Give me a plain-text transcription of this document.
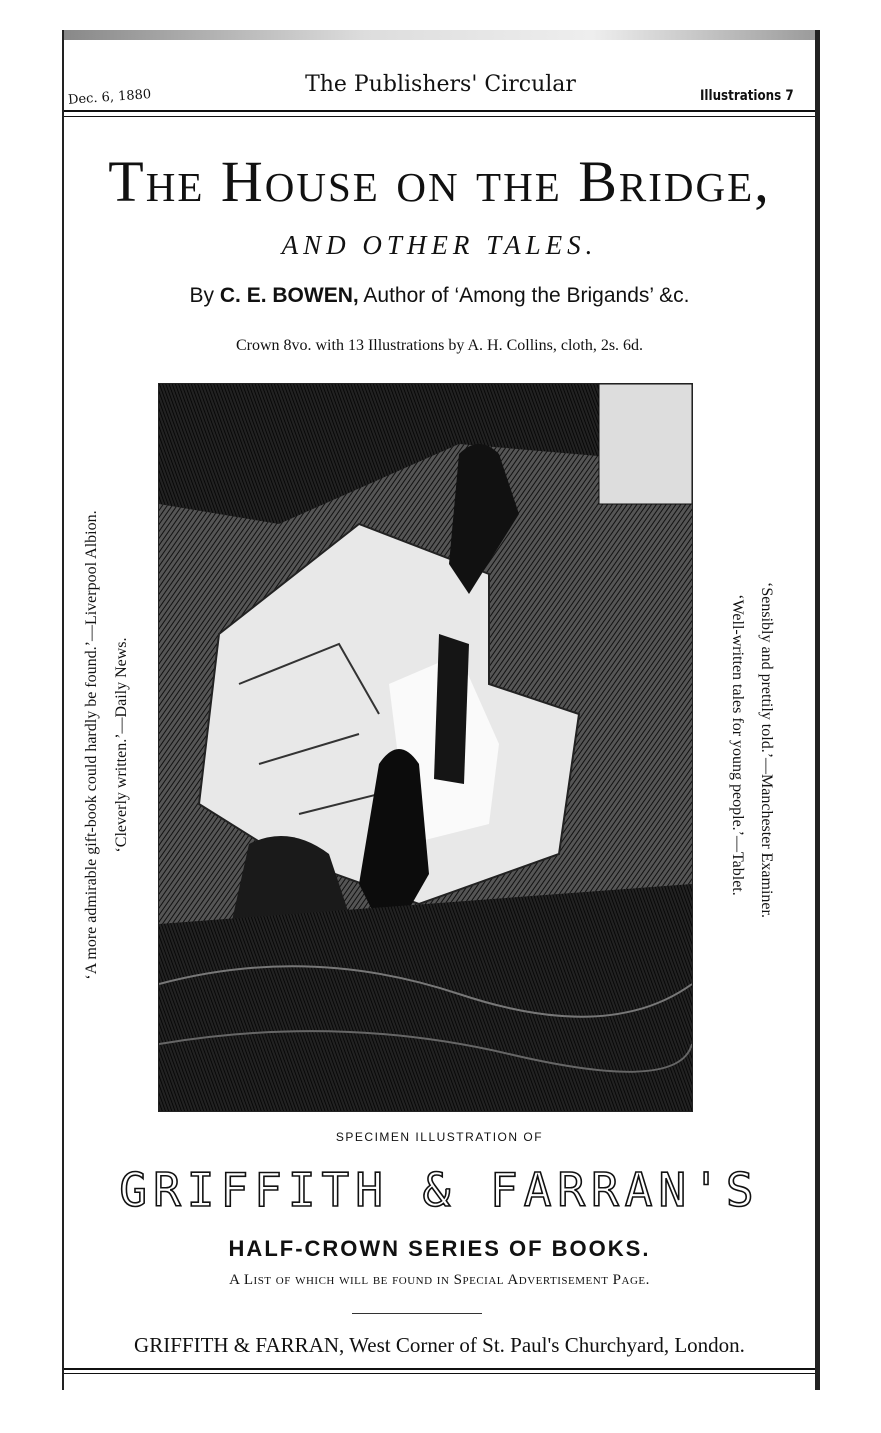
Dec. 6, 1880
The Publishers' Circular	Illustrations 7
The House on the Bridge,
AND OTHER TALES.
By C. E. BOWEN, Author of ‘Among the Brigands’ &c.
Crown 8vo. with 13 Illustrations by A. H. Collins, cloth, 2s. 6d.
‘A more admirable gift-book could hardly be found.’—Liverpool Albion. ‘Cleverly written.’—Daily News.	‘Sensibly and prettily told.’—Manchester Examiner.
‘Well-written tales for young people.’—Tablet.
SPECIMEN ILLUSTRATION OF
GRIFFITH & FARRAN'S
HALF-CROWN SERIES OF BOOKS.
A List of which will be found in Special Advertisement Page.
GRIFFITH & FARRAN, West Corner of St. Paul's Churchyard, London.
